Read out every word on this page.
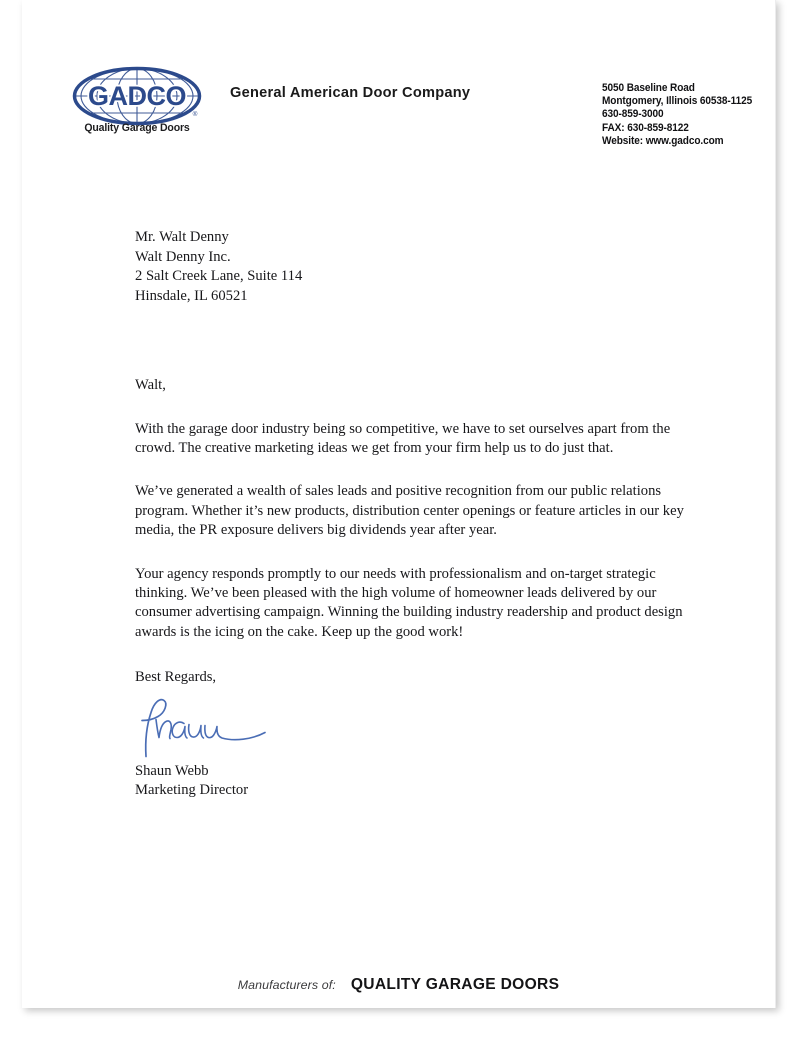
GADCO
®
Quality Garage Doors
General American Door Company	5050 Baseline Road
Montgomery, Illinois 60538-1125
630-859-3000
FAX: 630-859-8122
Website: www.gadco.com
Mr. Walt Denny
Walt Denny Inc.
2 Salt Creek Lane, Suite 114
Hinsdale, IL 60521
Walt,

With the garage door industry being so competitive, we have to set ourselves apart from the crowd. The creative marketing ideas we get from your firm help us to do just that.

We’ve generated a wealth of sales leads and positive recognition from our public relations program. Whether it’s new products, distribution center openings or feature articles in our key media, the PR exposure delivers big dividends year after year.

Your agency responds promptly to our needs with professionalism and on-target strategic thinking. We’ve been pleased with the high volume of homeowner leads delivered by our consumer advertising campaign. Winning the building industry readership and product design awards is the icing on the cake. Keep up the good work!

Best Regards,
Shaun Webb
Marketing Director
Manufacturers of: QUALITY GARAGE DOORS
